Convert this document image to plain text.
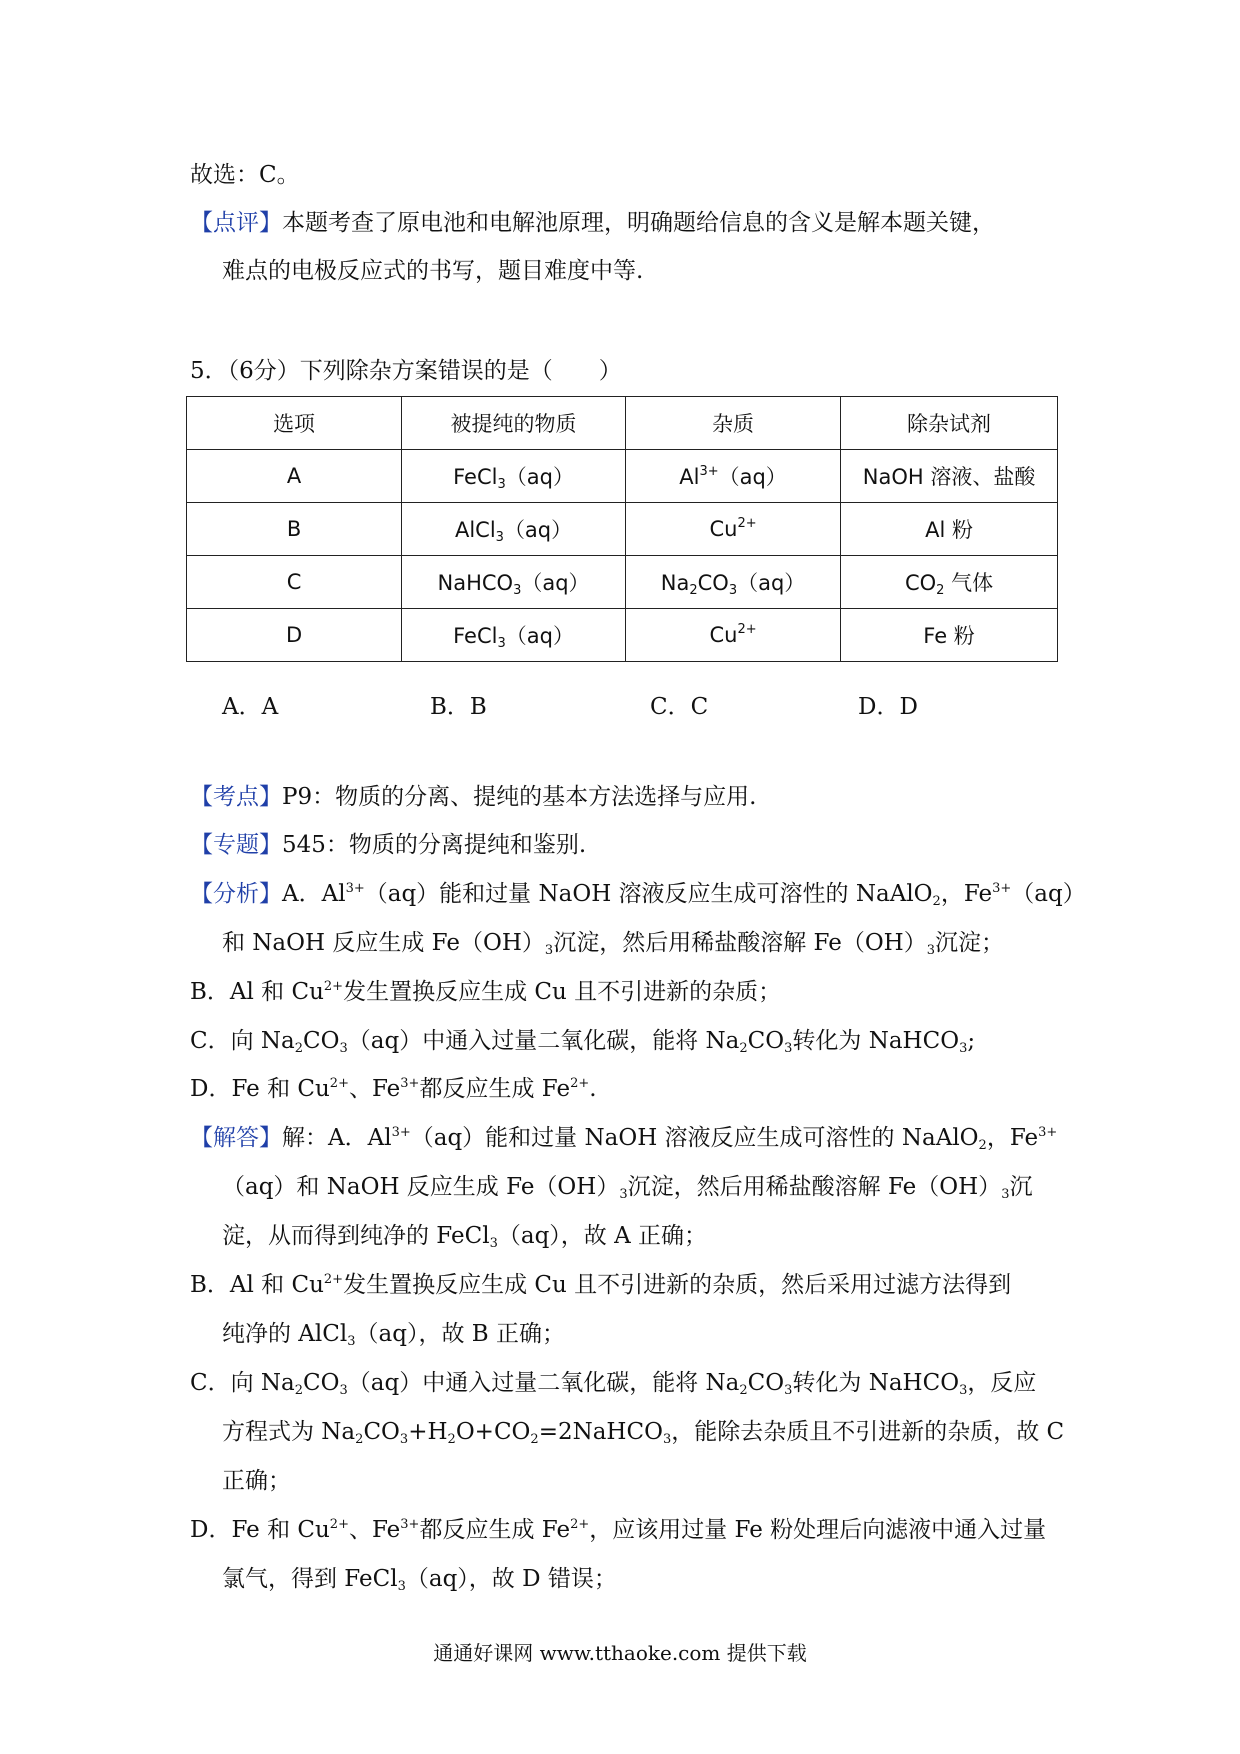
故选：C。
【点评】本题考查了原电池和电解池原理，明确题给信息的含义是解本题关键，
难点的电极反应式的书写，题目难度中等.
5．（6分）下列除杂方案错误的是（　　）
选项	被提纯的物质	杂质	除杂试剂
A	FeCl$_3$（aq）	$Al^{3+}(aq)$	NaOH 溶液、盐酸
B	AlCl$_3$（aq）	$Cu^{2+}$	Al 粉
C	NaHCO$_3$（aq）	$Na_2CO_3(aq)$	$CO_2$ 气体
D	FeCl$_3$（aq）	$Cu^{2+}$	Fe 粉
A．A	B．B	C．C	D．D
【考点】P9：物质的分离、提纯的基本方法选择与应用.
【专题】545：物质的分离提纯和鉴别.
【分析】A．$Al^{3+}(aq)$能和过量 NaOH 溶液反应生成可溶性的 NaAlO$_2$，$Fe^{3+}(aq)$
和 NaOH 反应生成 $Fe(OH)_3$沉淀，然后用稀盐酸溶解 $Fe(OH)_3$沉淀；
B．Al 和 $Cu^{2+}$发生置换反应生成 Cu 且不引进新的杂质；
C．向 $Na_2CO_3(aq)$中通入过量二氧化碳，能将 $Na_2CO_3$转化为 NaHCO$_3$;
D．Fe 和 $Cu^{2+}$、$Fe^{3+}$都反应生成 $Fe^{2+}$.
【解答】解：A．$Al^{3+}(aq)$能和过量 NaOH 溶液反应生成可溶性的 NaAlO$_2$，$Fe^{3+}$
（aq）和 NaOH 反应生成 $Fe(OH)_3$沉淀，然后用稀盐酸溶解 $Fe(OH)_3$沉
淀，从而得到纯净的 FeCl$_3$（aq），故 A 正确；
B．Al 和 $Cu^{2+}$发生置换反应生成 Cu 且不引进新的杂质，然后采用过滤方法得到
纯净的 AlCl$_3$（aq），故 B 正确；
C．向 $Na_2CO_3(aq)$中通入过量二氧化碳，能将 $Na_2CO_3$转化为 NaHCO$_3$，反应
方程式为 $Na_2CO_3+H_2O+CO_2=2NaHCO_3$，能除去杂质且不引进新的杂质，故 C
正确；
D．Fe 和 $Cu^{2+}$、$Fe^{3+}$都反应生成 $Fe^{2+}$，应该用过量 Fe 粉处理后向滤液中通入过量
氯气，得到 FeCl$_3$（aq），故 D 错误；
通通好课网 www.tthaoke.com 提供下载
